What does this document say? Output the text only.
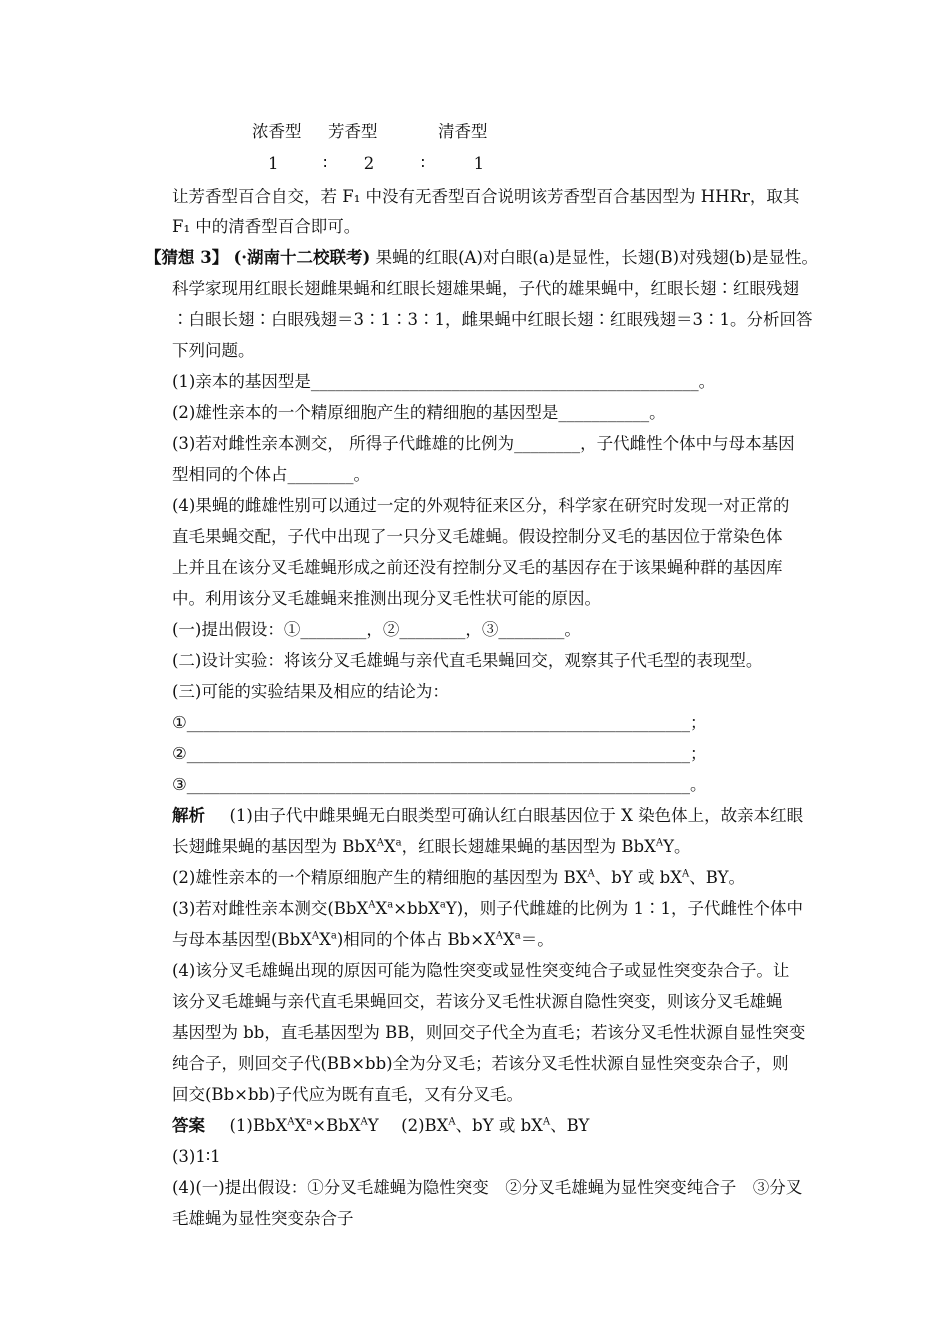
浓香型 芳香型	清香型
1	∶ 2	∶	1
让芳香型百合自交，若 F₁ 中没有无香型百合说明该芳香型百合基因型为 HHRr，取其
F₁ 中的清香型百合即可。
【猜想 3】 (·湖南十二校联考) 果蝇的红眼(A)对白眼(a)是显性，长翅(B)对残翅(b)是显性。
科学家现用红眼长翅雌果蝇和红眼长翅雄果蝇，子代的雄果蝇中，红眼长翅∶红眼残翅
∶白眼长翅∶白眼残翅＝3∶1∶3∶1，雌果蝇中红眼长翅∶红眼残翅＝3∶1。分析回答
下列问题。
(1)亲本的基因型是_______________________________________________。
(2)雄性亲本的一个精原细胞产生的精细胞的基因型是___________。
(3)若对雌性亲本测交， 所得子代雌雄的比例为________，子代雌性个体中与母本基因
型相同的个体占________。
(4)果蝇的雌雄性别可以通过一定的外观特征来区分，科学家在研究时发现一对正常的
直毛果蝇交配，子代中出现了一只分叉毛雄蝇。假设控制分叉毛的基因位于常染色体
上并且在该分叉毛雄蝇形成之前还没有控制分叉毛的基因存在于该果蝇种群的基因库
中。利用该分叉毛雄蝇来推测出现分叉毛性状可能的原因。
(一)提出假设：①________，②________，③________。
(二)设计实验：将该分叉毛雄蝇与亲代直毛果蝇回交，观察其子代毛型的表现型。
(三)可能的实验结果及相应的结论为：
①_____________________________________________________________；
②_____________________________________________________________；
③_____________________________________________________________。
解析 (1)由子代中雌果蝇无白眼类型可确认红白眼基因位于 X 染色体上，故亲本红眼
长翅雌果蝇的基因型为 $BbX^AX^a$，红眼长翅雄果蝇的基因型为 BbX$^A$Y。
(2)雄性亲本的一个精原细胞产生的精细胞的基因型为 $BX^A$、bY 或 $bX^A$、BY。
(3)若对雌性亲本测交$(BbX^AX^a\times bbX^aY)$，则子代雌雄的比例为 1∶1，子代雌性个体中
与母本基因型$(BbX^AX^a)$相同的个体占 $Bb\times X^AX^a=$。
(4)该分叉毛雄蝇出现的原因可能为隐性突变或显性突变纯合子或显性突变杂合子。让
该分叉毛雄蝇与亲代直毛果蝇回交，若该分叉毛性状源自隐性突变，则该分叉毛雄蝇
基因型为 bb，直毛基因型为 BB，则回交子代全为直毛；若该分叉毛性状源自显性突变
纯合子，则回交子代(BB×bb)全为分叉毛；若该分叉毛性状源自显性突变杂合子，则
回交(Bb×bb)子代应为既有直毛，又有分叉毛。
答案 $(1)BbX^AX^a\times BbX^AY$ $(2)BX^A$、bY 或 $bX^A$、BY
(3)1∶1
(4)(一)提出假设：①分叉毛雄蝇为隐性突变　②分叉毛雄蝇为显性突变纯合子　③分叉
毛雄蝇为显性突变杂合子
